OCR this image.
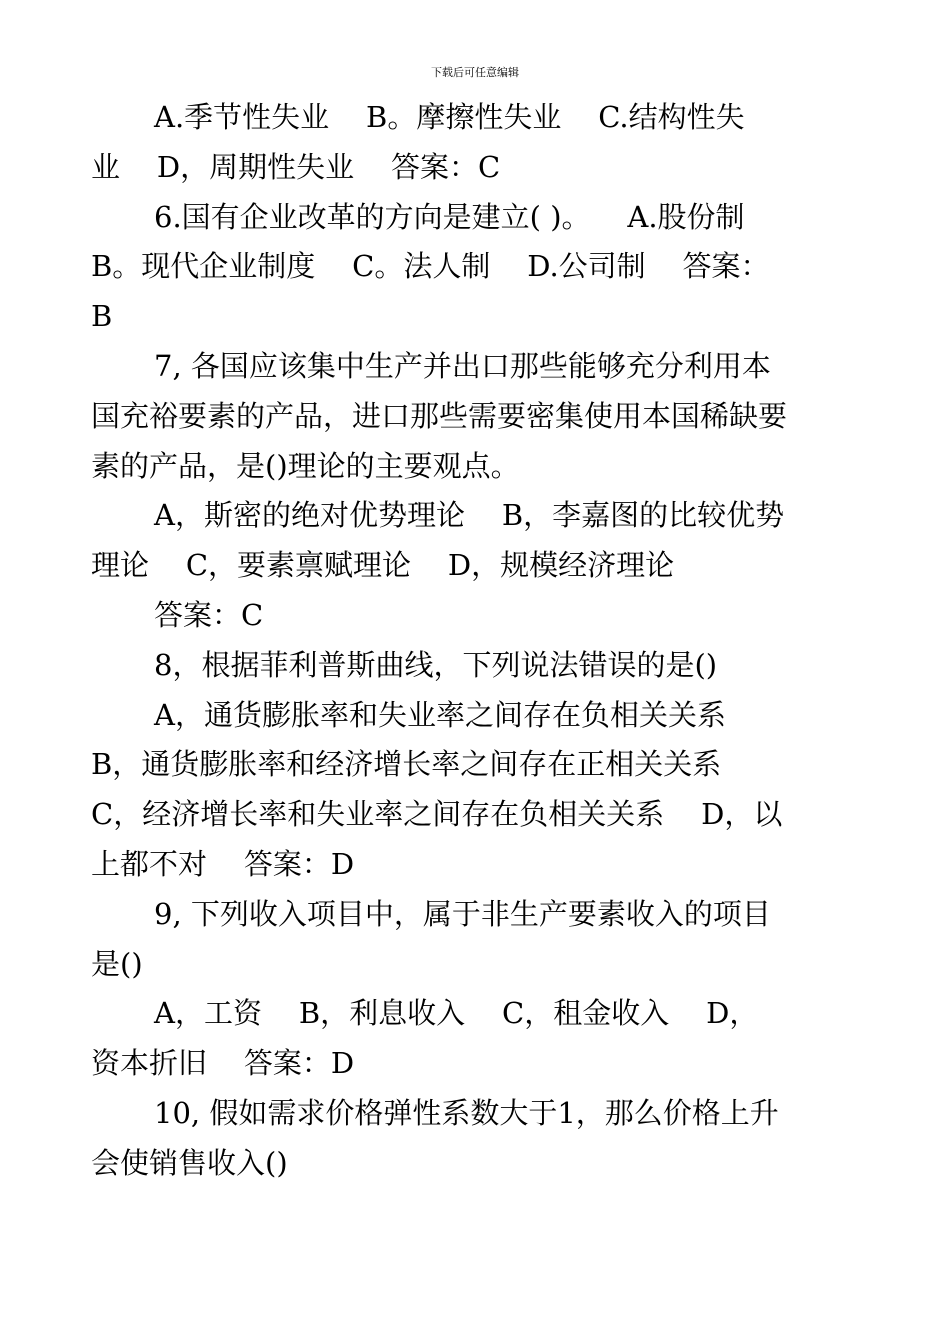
下载后可任意编辑
A.季节性失业    B。摩擦性失业    C.结构性失
业    D，周期性失业    答案：C
6.国有企业改革的方向是建立( )。    A.股份制
B。现代企业制度    C。法人制    D.公司制    答案：
B
7, 各国应该集中生产并出口那些能够充分利用本
国充裕要素的产品，进口那些需要密集使用本国稀缺要
素的产品，是()理论的主要观点。
A，斯密的绝对优势理论    B，李嘉图的比较优势
理论    C，要素禀赋理论    D，规模经济理论
答案：C
8，根据菲利普斯曲线，下列说法错误的是()
A，通货膨胀率和失业率之间存在负相关关系
B，通货膨胀率和经济增长率之间存在正相关关系
C，经济增长率和失业率之间存在负相关关系    D，以
上都不对    答案：D
9, 下列收入项目中，属于非生产要素收入的项目
是()
A，工资    B，利息收入    C，租金收入    D，
资本折旧    答案：D
10, 假如需求价格弹性系数大于1，那么价格上升
会使销售收入()
